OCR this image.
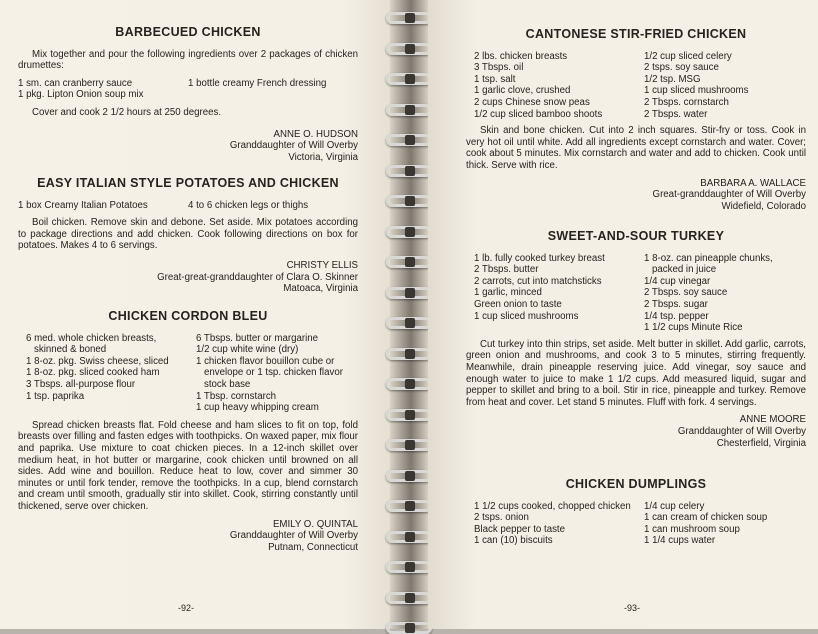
BARBECUED CHICKEN

Mix together and pour the following ingredients over 2 packages of chicken drumettes:

1 sm. can cranberry sauce	1 bottle creamy French dressing
1 pkg. Lipton Onion soup mix

Cover and cook 2 1/2 hours at 250 degrees.

ANNE O. HUDSON

Granddaughter of Will Overby

Victoria, Virginia

EASY ITALIAN STYLE POTATOES AND CHICKEN
1 box Creamy Italian Potatoes	4 to 6 chicken legs or thighs

Boil chicken. Remove skin and debone. Set aside. Mix potatoes according to package directions and add chicken. Cook following directions on box for potatoes. Makes 4 to 6 servings.

CHRISTY ELLIS

Great-great-granddaughter of Clara O. Skinner

Matoaca, Virginia

CHICKEN CORDON BLEU
6 med. whole chicken breasts, skinned & boned
1 8-oz. pkg. Swiss cheese, sliced
1 8-oz. pkg. sliced cooked ham
3 Tbsps. all-purpose flour
1 tsp. paprika
6 Tbsps. butter or margarine
1/2 cup white wine (dry)
1 chicken flavor bouillon cube or envelope or 1 tsp. chicken flavor stock base
1 Tbsp. cornstarch
1 cup heavy whipping cream

Spread chicken breasts flat. Fold cheese and ham slices to fit on top, fold breasts over filling and fasten edges with toothpicks. On waxed paper, mix flour and paprika. Use mixture to coat chicken pieces. In a 12-inch skillet over medium heat, in hot butter or margarine, cook chicken until browned on all sides. Add wine and bouillon. Reduce heat to low, cover and simmer 30 minutes or until fork tender, remove the toothpicks. In a cup, blend cornstarch and cream until smooth, gradually stir into skillet. Cook, stirring constantly until thickened, serve over chicken.

EMILY O. QUINTAL

Granddaughter of Will Overby

Putnam, Connecticut

-92-
CANTONESE STIR-FRIED CHICKEN
2 lbs. chicken breasts
3 Tbsps. oil
1 tsp. salt
1 garlic clove, crushed
2 cups Chinese snow peas
1/2 cup sliced bamboo shoots
1/2 cup sliced celery
2 tsps. soy sauce
1/2 tsp. MSG
1 cup sliced mushrooms
2 Tbsps. cornstarch
2 Tbsps. water

Skin and bone chicken. Cut into 2 inch squares. Stir-fry or toss. Cook in very hot oil until white. Add all ingredients except cornstarch and water. Cover; cook about 5 minutes. Mix cornstarch and water and add to chicken. Cook until thick. Serve with rice.

BARBARA A. WALLACE

Great-granddaughter of Will Overby

Widefield, Colorado

SWEET-AND-SOUR TURKEY
1 lb. fully cooked turkey breast
2 Tbsps. butter
2 carrots, cut into matchsticks
1 garlic, minced
Green onion to taste
1 cup sliced mushrooms
1 8-oz. can pineapple chunks, packed in juice
1/4 cup vinegar
2 Tbsps. soy sauce
2 Tbsps. sugar
1/4 tsp. pepper
1 1/2 cups Minute Rice

Cut turkey into thin strips, set aside. Melt butter in skillet. Add garlic, carrots, green onion and mushrooms, and cook 3 to 5 minutes, stirring frequently. Meanwhile, drain pineapple reserving juice. Add vinegar, soy sauce and enough water to juice to make 1 1/2 cups. Add measured liquid, sugar and pepper to skillet and bring to a boil. Stir in rice, pineapple and turkey. Remove from heat and cover. Let stand 5 minutes. Fluff with fork. 4 servings.

ANNE MOORE

Granddaughter of Will Overby

Chesterfield, Virginia

CHICKEN DUMPLINGS
1 1/2 cups cooked, chopped chicken
2 tsps. onion
Black pepper to taste
1 can (10) biscuits
1/4 cup celery
1 can cream of chicken soup
1 can mushroom soup
1 1/4 cups water
-93-
